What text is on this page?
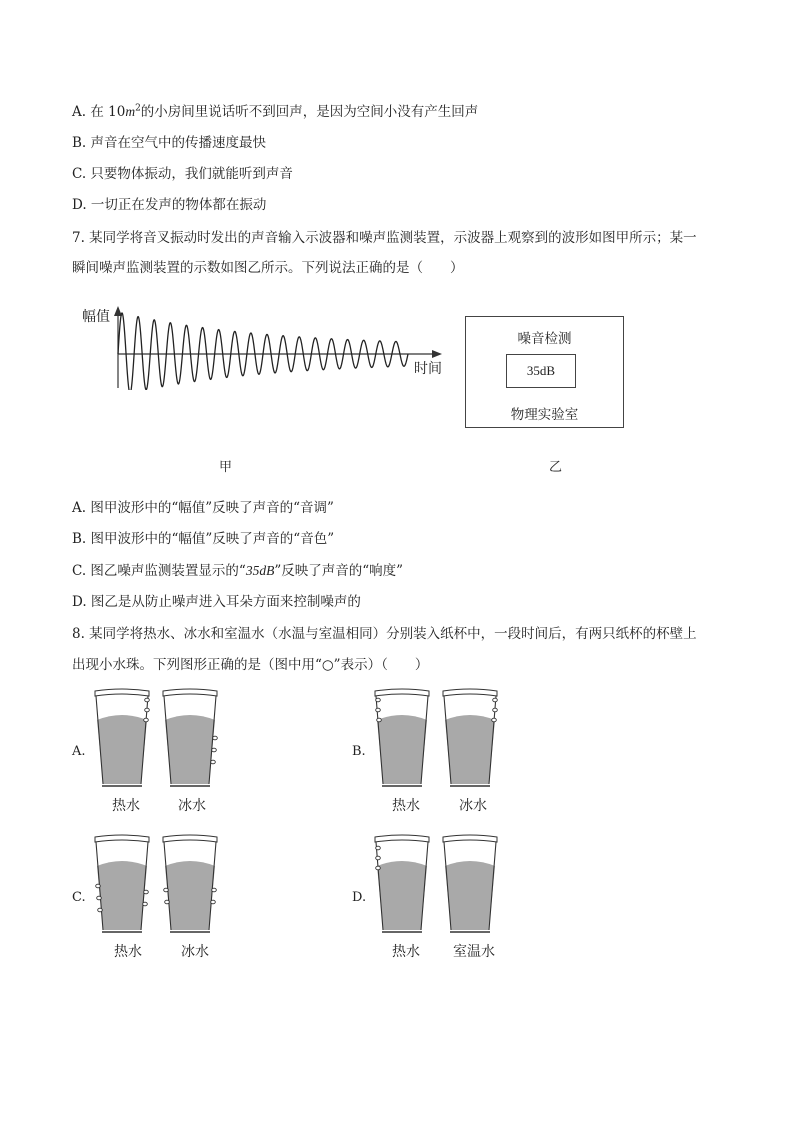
A. 在 $10m^2$的小房间里说话听不到回声，是因为空间小没有产生回声
B. 声音在空气中的传播速度最快
C. 只要物体振动，我们就能听到声音
D. 一切正在发声的物体都在振动
7. 某同学将音叉振动时发出的声音输入示波器和噪声监测装置，示波器上观察到的波形如图甲所示；某一
瞬间噪声监测装置的示数如图乙所示。下列说法正确的是（　　）
幅值
时间
甲
噪音检测
35dB
物理实验室
乙
A. 图甲波形中的“幅值”反映了声音的“音调”
B. 图甲波形中的“幅值”反映了声音的“音色”
C. 图乙噪声监测装置显示的“35dB”反映了声音的“响度”
D. 图乙是从防止噪声进入耳朵方面来控制噪声的
8. 某同学将热水、冰水和室温水（水温与室温相同）分别装入纸杯中，一段时间后，有两只纸杯的杯壁上
出现小水珠。下列图形正确的是（图中用“○”表示）（　　）
A.
热水	冰水
B.
热水	冰水
C.
热水	冰水
D.
热水 室温水
